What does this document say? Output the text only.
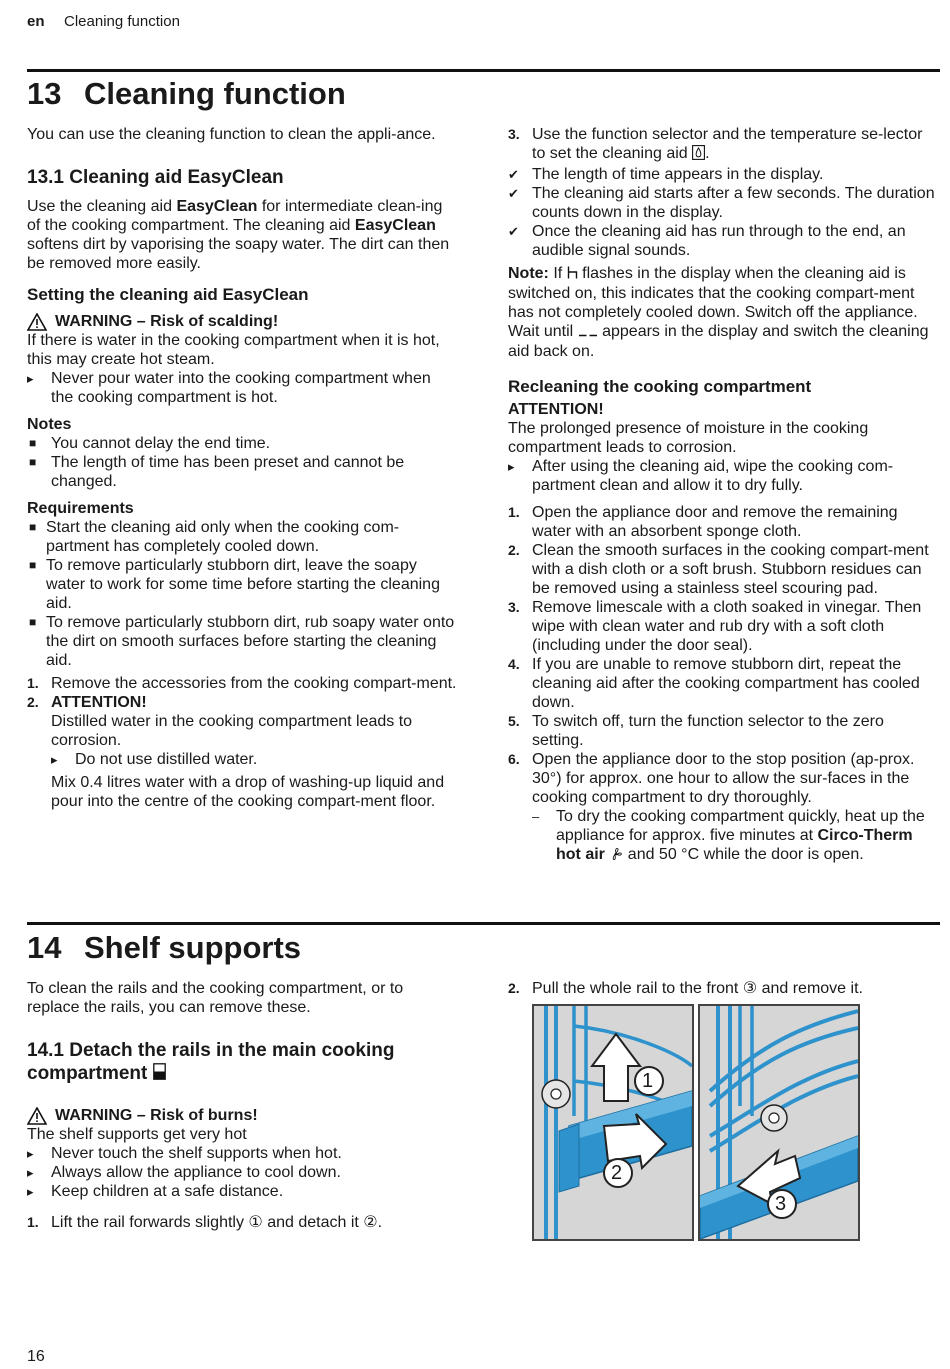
en Cleaning function
13 Cleaning function

You can use the cleaning function to clean the appli-ance.

13.1 Cleaning aid EasyClean

Use the cleaning aid EasyClean for intermediate clean-ing of the cooking compartment. The cleaning aid EasyClean softens dirt by vaporising the soapy water. The dirt can then be removed more easily.

Setting the cleaning aid EasyClean
WARNING – Risk of scalding!

If there is water in the cooking compartment when it is hot, this may create hot steam.

▸	Never pour water into the cooking compartment when the cooking compartment is hot.
Notes
■ You cannot delay the end time.
■ The length of time has been preset and cannot be changed.
Requirements
■ Start the cleaning aid only when the cooking com-partment has completely cooled down.
■ To remove particularly stubborn dirt, leave the soapy water to work for some time before starting the cleaning aid.
■ To remove particularly stubborn dirt, rub soapy water onto the dirt on smooth surfaces before starting the cleaning aid.
1. Remove the accessories from the cooking compart-ment.
2. ATTENTION!
Distilled water in the cooking compartment leads to corrosion.
▸	Do not use distilled water.
Mix 0.4 litres water with a drop of washing-up liquid and pour into the centre of the cooking compart-ment floor.
3. Use the function selector and the temperature se-lector to set the cleaning aid .
✔ The length of time appears in the display.
✔ The cleaning aid starts after a few seconds. The duration counts down in the display.
✔ Once the cleaning aid has run through to the end, an audible signal sounds.

Note: If  flashes in the display when the cleaning aid is switched on, this indicates that the cooking compart-ment has not completely cooled down. Switch off the appliance. Wait until  appears in the display and switch the cleaning aid back on.

Recleaning the cooking compartment
ATTENTION!

The prolonged presence of moisture in the cooking compartment leads to corrosion.

▸	After using the cleaning aid, wipe the cooking com-partment clean and allow it to dry fully.
1. Open the appliance door and remove the remaining water with an absorbent sponge cloth.
2. Clean the smooth surfaces in the cooking compart-ment with a dish cloth or a soft brush. Stubborn residues can be removed using a stainless steel scouring pad.
3. Remove limescale with a cloth soaked in vinegar. Then wipe with clean water and rub dry with a soft cloth (including under the door seal).
4. If you are unable to remove stubborn dirt, repeat the cleaning aid after the cooking compartment has cooled down.
5. To switch off, turn the function selector to the zero setting.
6. Open the appliance door to the stop position (ap-prox. 30°) for approx. one hour to allow the sur-faces in the cooking compartment to dry thoroughly.
–	To dry the cooking compartment quickly, heat up the appliance for approx. five minutes at Circo-Therm hot air  and 50 °C while the door is open.
14 Shelf supports

To clean the rails and the cooking compartment, or to replace the rails, you can remove these.

14.1 Detach the rails in the main cooking compartment
WARNING – Risk of burns!

The shelf supports get very hot

▸	Never touch the shelf supports when hot.
▸	Always allow the appliance to cool down.
▸	Keep children at a safe distance.
1. Lift the rail forwards slightly ① and detach it ②.
2. Pull the whole rail to the front ③ and remove it.
1
2
3
16
